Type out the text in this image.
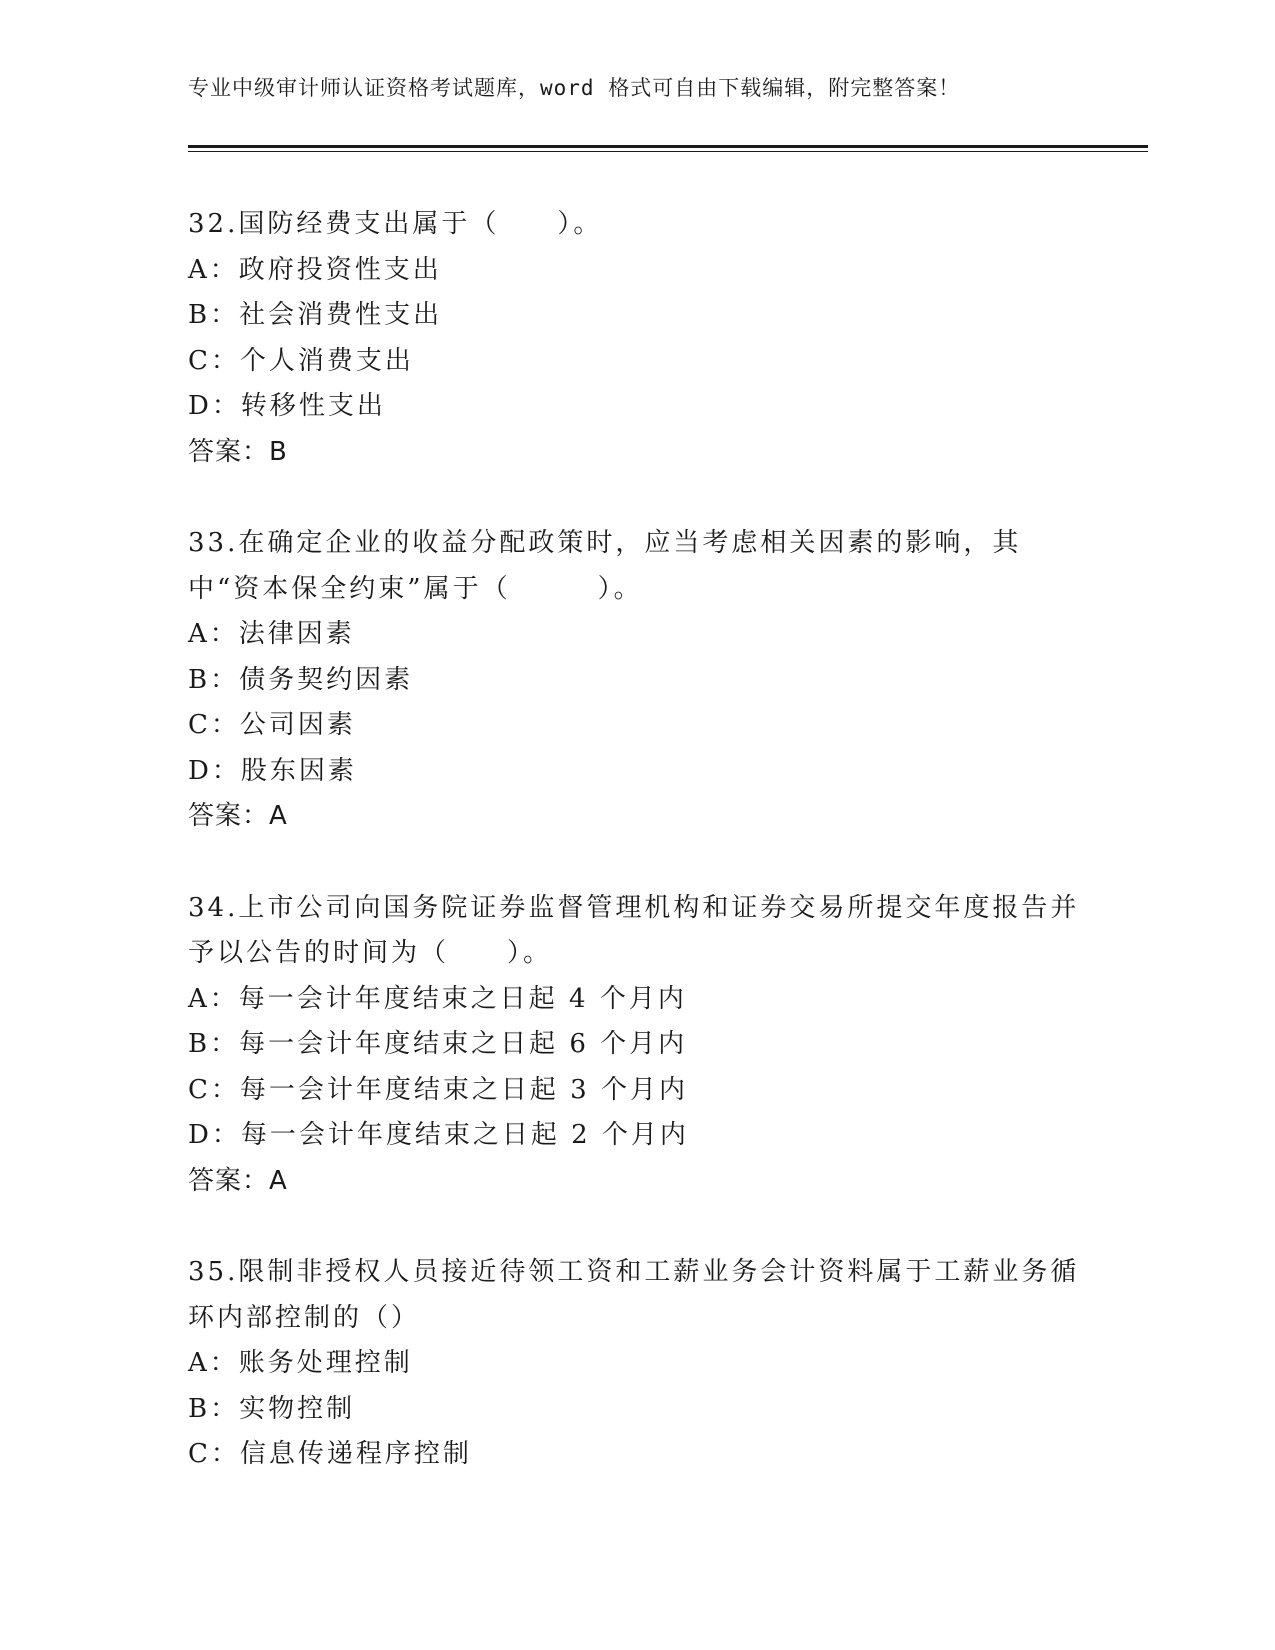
专业中级审计师认证资格考试题库，word 格式可自由下载编辑，附完整答案！
32.国防经费支出属于（　　）。
A：政府投资性支出
B：社会消费性支出
C：个人消费支出
D：转移性支出
答案：B
33.在确定企业的收益分配政策时，应当考虑相关因素的影响，其中“资本保全约束”属于（　　　）。
A：法律因素
B：债务契约因素
C：公司因素
D：股东因素
答案：A
34.上市公司向国务院证券监督管理机构和证券交易所提交年度报告并予以公告的时间为（　　）。
A：每一会计年度结束之日起 4 个月内
B：每一会计年度结束之日起 6 个月内
C：每一会计年度结束之日起 3 个月内
D：每一会计年度结束之日起 2 个月内
答案：A
35.限制非授权人员接近待领工资和工薪业务会计资料属于工薪业务循环内部控制的（）
A：账务处理控制
B：实物控制
C：信息传递程序控制
